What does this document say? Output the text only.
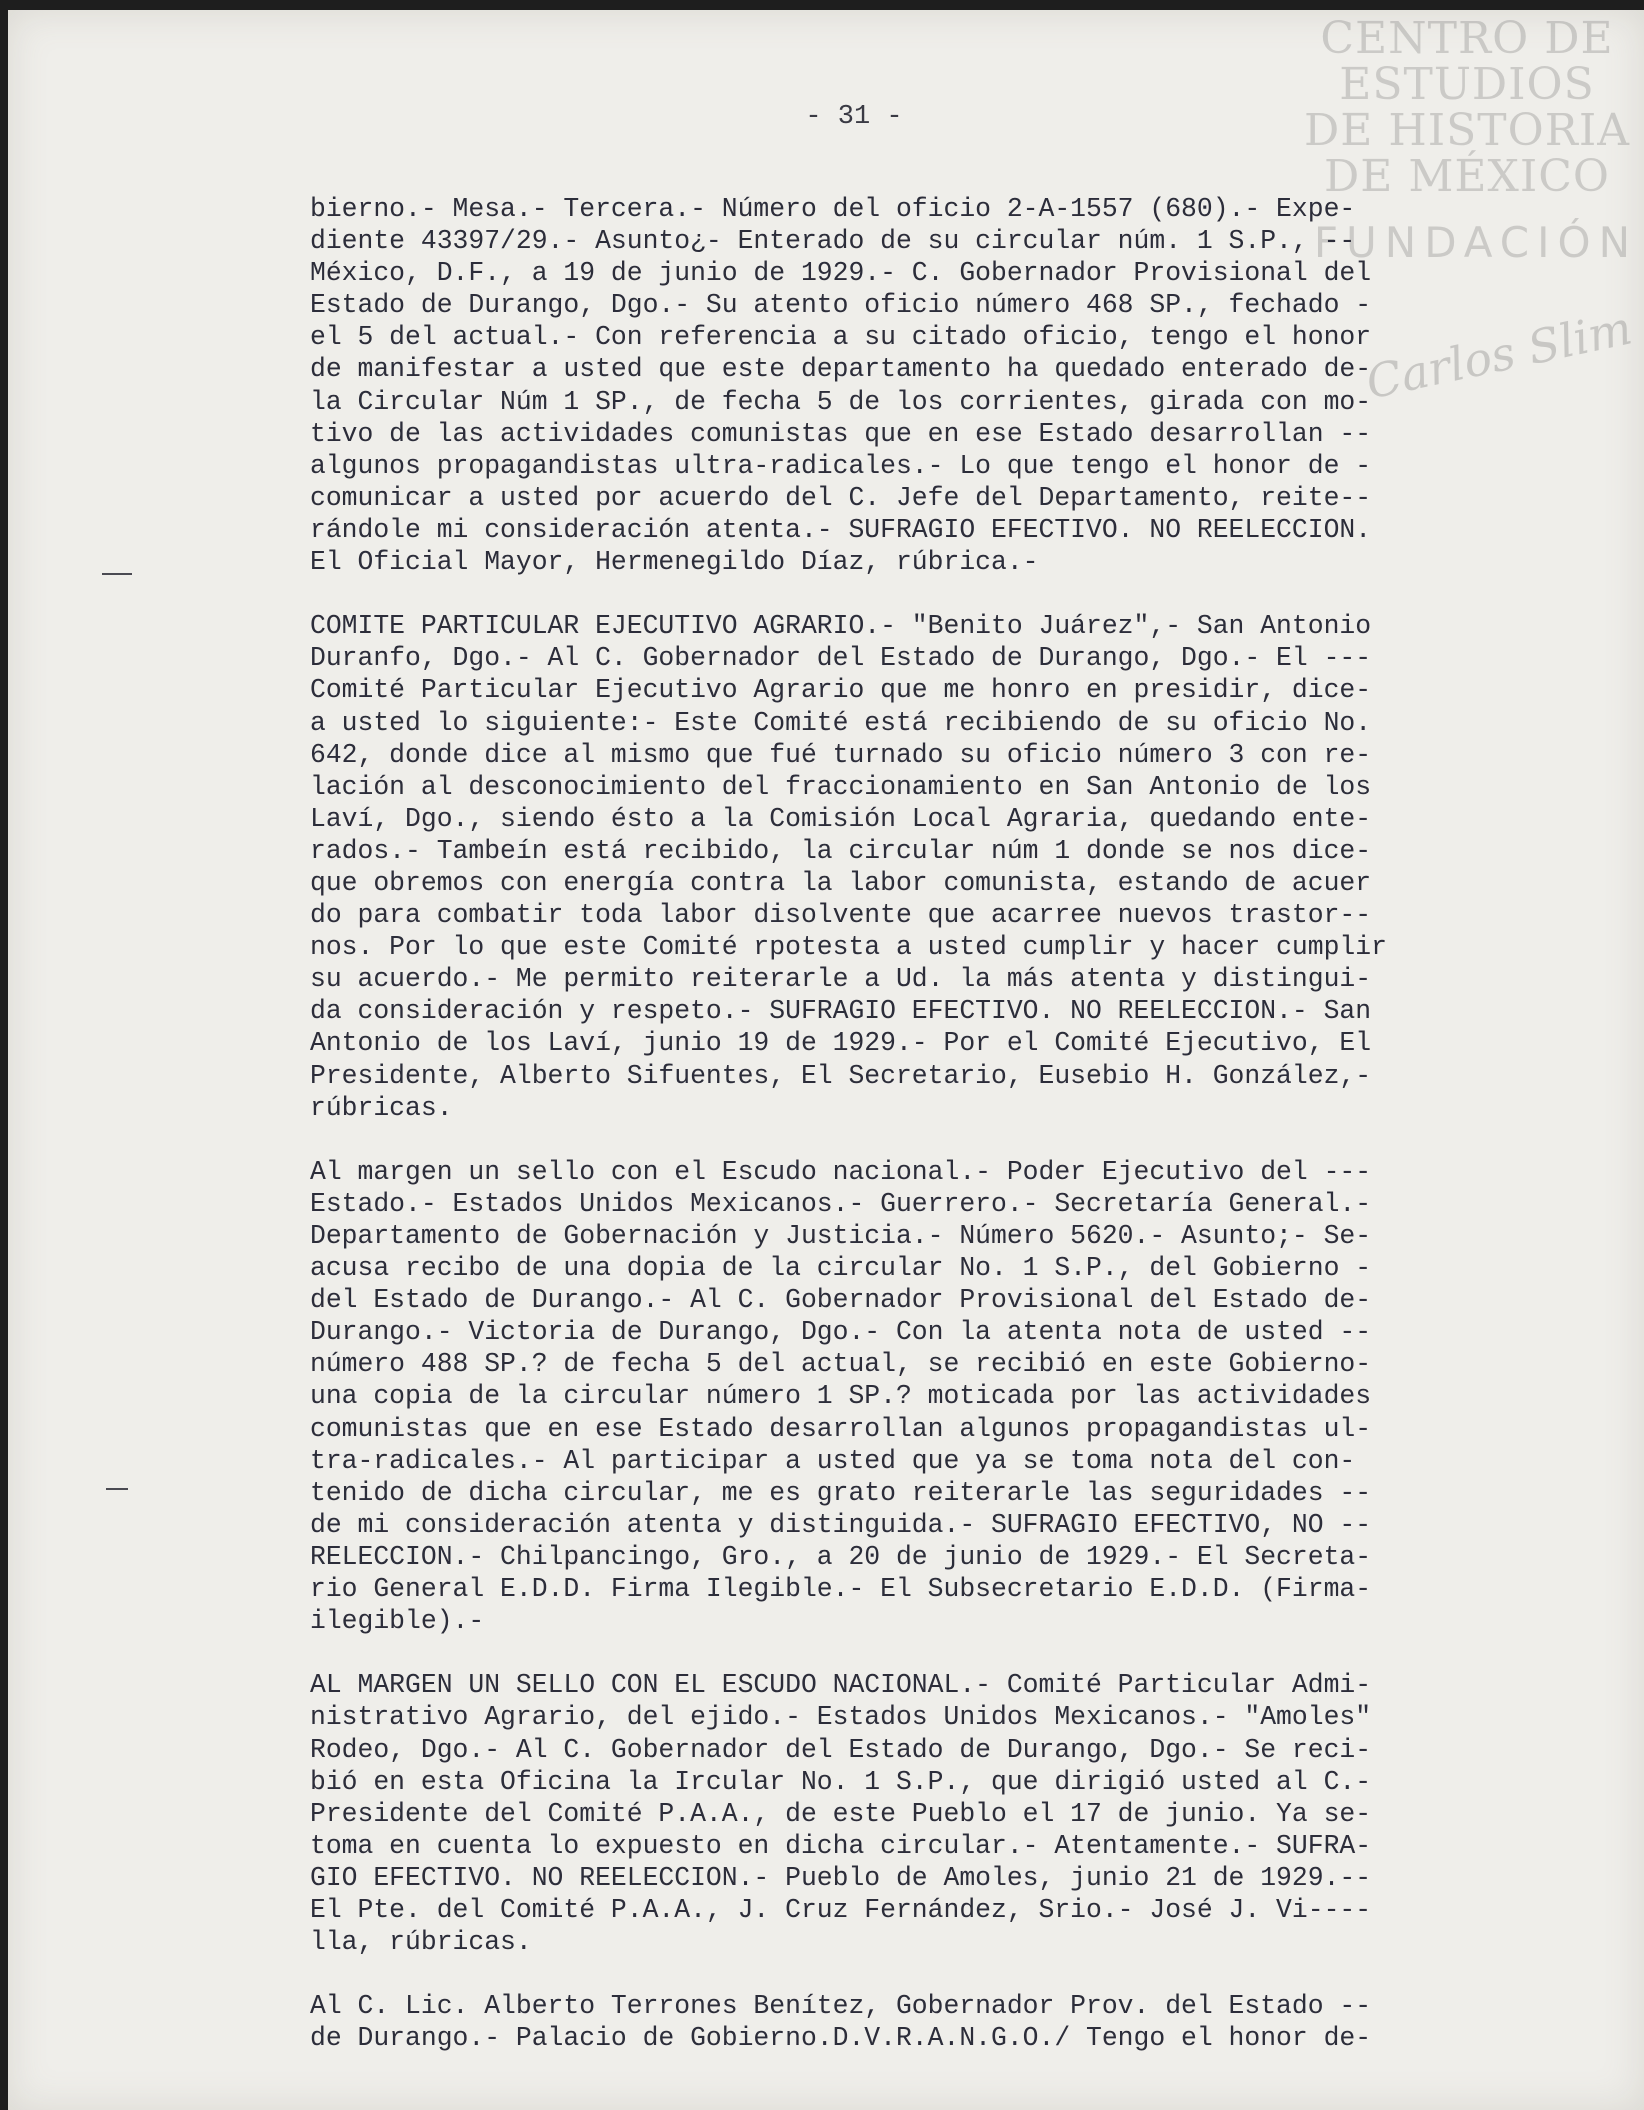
CENTRO DE
ESTUDIOS
DE HISTORIA
DE MÉXICO
FUNDACIÓN
Carlos Slim
- 31 -

bierno.- Mesa.- Tercera.- Número del oficio 2-A-1557 (680).- Expe-
diente 43397/29.- Asunto¿- Enterado de su circular núm. 1 S.P., --
México, D.F., a 19 de junio de 1929.- C. Gobernador Provisional del
Estado de Durango, Dgo.- Su atento oficio número 468 SP., fechado -
el 5 del actual.- Con referencia a su citado oficio, tengo el honor
de manifestar a usted que este departamento ha quedado enterado de-
la Circular Núm 1 SP., de fecha 5 de los corrientes, girada con mo-
tivo de las actividades comunistas que en ese Estado desarrollan --
algunos propagandistas ultra-radicales.- Lo que tengo el honor de -
comunicar a usted por acuerdo del C. Jefe del Departamento, reite--
rándole mi consideración atenta.- SUFRAGIO EFECTIVO. NO REELECCION.
El Oficial Mayor, Hermenegildo Díaz, rúbrica.-

COMITE PARTICULAR EJECUTIVO AGRARIO.- "Benito Juárez",- San Antonio
Duranfo, Dgo.- Al C. Gobernador del Estado de Durango, Dgo.- El ---
Comité Particular Ejecutivo Agrario que me honro en presidir, dice-
a usted lo siguiente:- Este Comité está recibiendo de su oficio No.
642, donde dice al mismo que fué turnado su oficio número 3 con re-
lación al desconocimiento del fraccionamiento en San Antonio de los
Laví, Dgo., siendo ésto a la Comisión Local Agraria, quedando ente-
rados.- Tambeín está recibido, la circular núm 1 donde se nos dice-
que obremos con energía contra la labor comunista, estando de acuer
do para combatir toda labor disolvente que acarree nuevos trastor--
nos. Por lo que este Comité rpotesta a usted cumplir y hacer cumplir
su acuerdo.- Me permito reiterarle a Ud. la más atenta y distingui-
da consideración y respeto.- SUFRAGIO EFECTIVO. NO REELECCION.- San
Antonio de los Laví, junio 19 de 1929.- Por el Comité Ejecutivo, El
Presidente, Alberto Sifuentes, El Secretario, Eusebio H. González,-
rúbricas.

Al margen un sello con el Escudo nacional.- Poder Ejecutivo del ---
Estado.- Estados Unidos Mexicanos.- Guerrero.- Secretaría General.-
Departamento de Gobernación y Justicia.- Número 5620.- Asunto;- Se-
acusa recibo de una dopia de la circular No. 1 S.P., del Gobierno -
del Estado de Durango.- Al C. Gobernador Provisional del Estado de-
Durango.- Victoria de Durango, Dgo.- Con la atenta nota de usted --
número 488 SP.? de fecha 5 del actual, se recibió en este Gobierno-
una copia de la circular número 1 SP.? moticada por las actividades
comunistas que en ese Estado desarrollan algunos propagandistas ul-
tra-radicales.- Al participar a usted que ya se toma nota del con-
tenido de dicha circular, me es grato reiterarle las seguridades --
de mi consideración atenta y distinguida.- SUFRAGIO EFECTIVO, NO --
RELECCION.- Chilpancingo, Gro., a 20 de junio de 1929.- El Secreta-
rio General E.D.D. Firma Ilegible.- El Subsecretario E.D.D. (Firma-
ilegible).-

AL MARGEN UN SELLO CON EL ESCUDO NACIONAL.- Comité Particular Admi-
nistrativo Agrario, del ejido.- Estados Unidos Mexicanos.- "Amoles"
Rodeo, Dgo.- Al C. Gobernador del Estado de Durango, Dgo.- Se reci-
bió en esta Oficina la Ircular No. 1 S.P., que dirigió usted al C.-
Presidente del Comité P.A.A., de este Pueblo el 17 de junio. Ya se-
toma en cuenta lo expuesto en dicha circular.- Atentamente.- SUFRA-
GIO EFECTIVO. NO REELECCION.- Pueblo de Amoles, junio 21 de 1929.--
El Pte. del Comité P.A.A., J. Cruz Fernández, Srio.- José J. Vi----
lla, rúbricas.

Al C. Lic. Alberto Terrones Benítez, Gobernador Prov. del Estado --
de Durango.- Palacio de Gobierno.D.V.R.A.N.G.O./ Tengo el honor de-
